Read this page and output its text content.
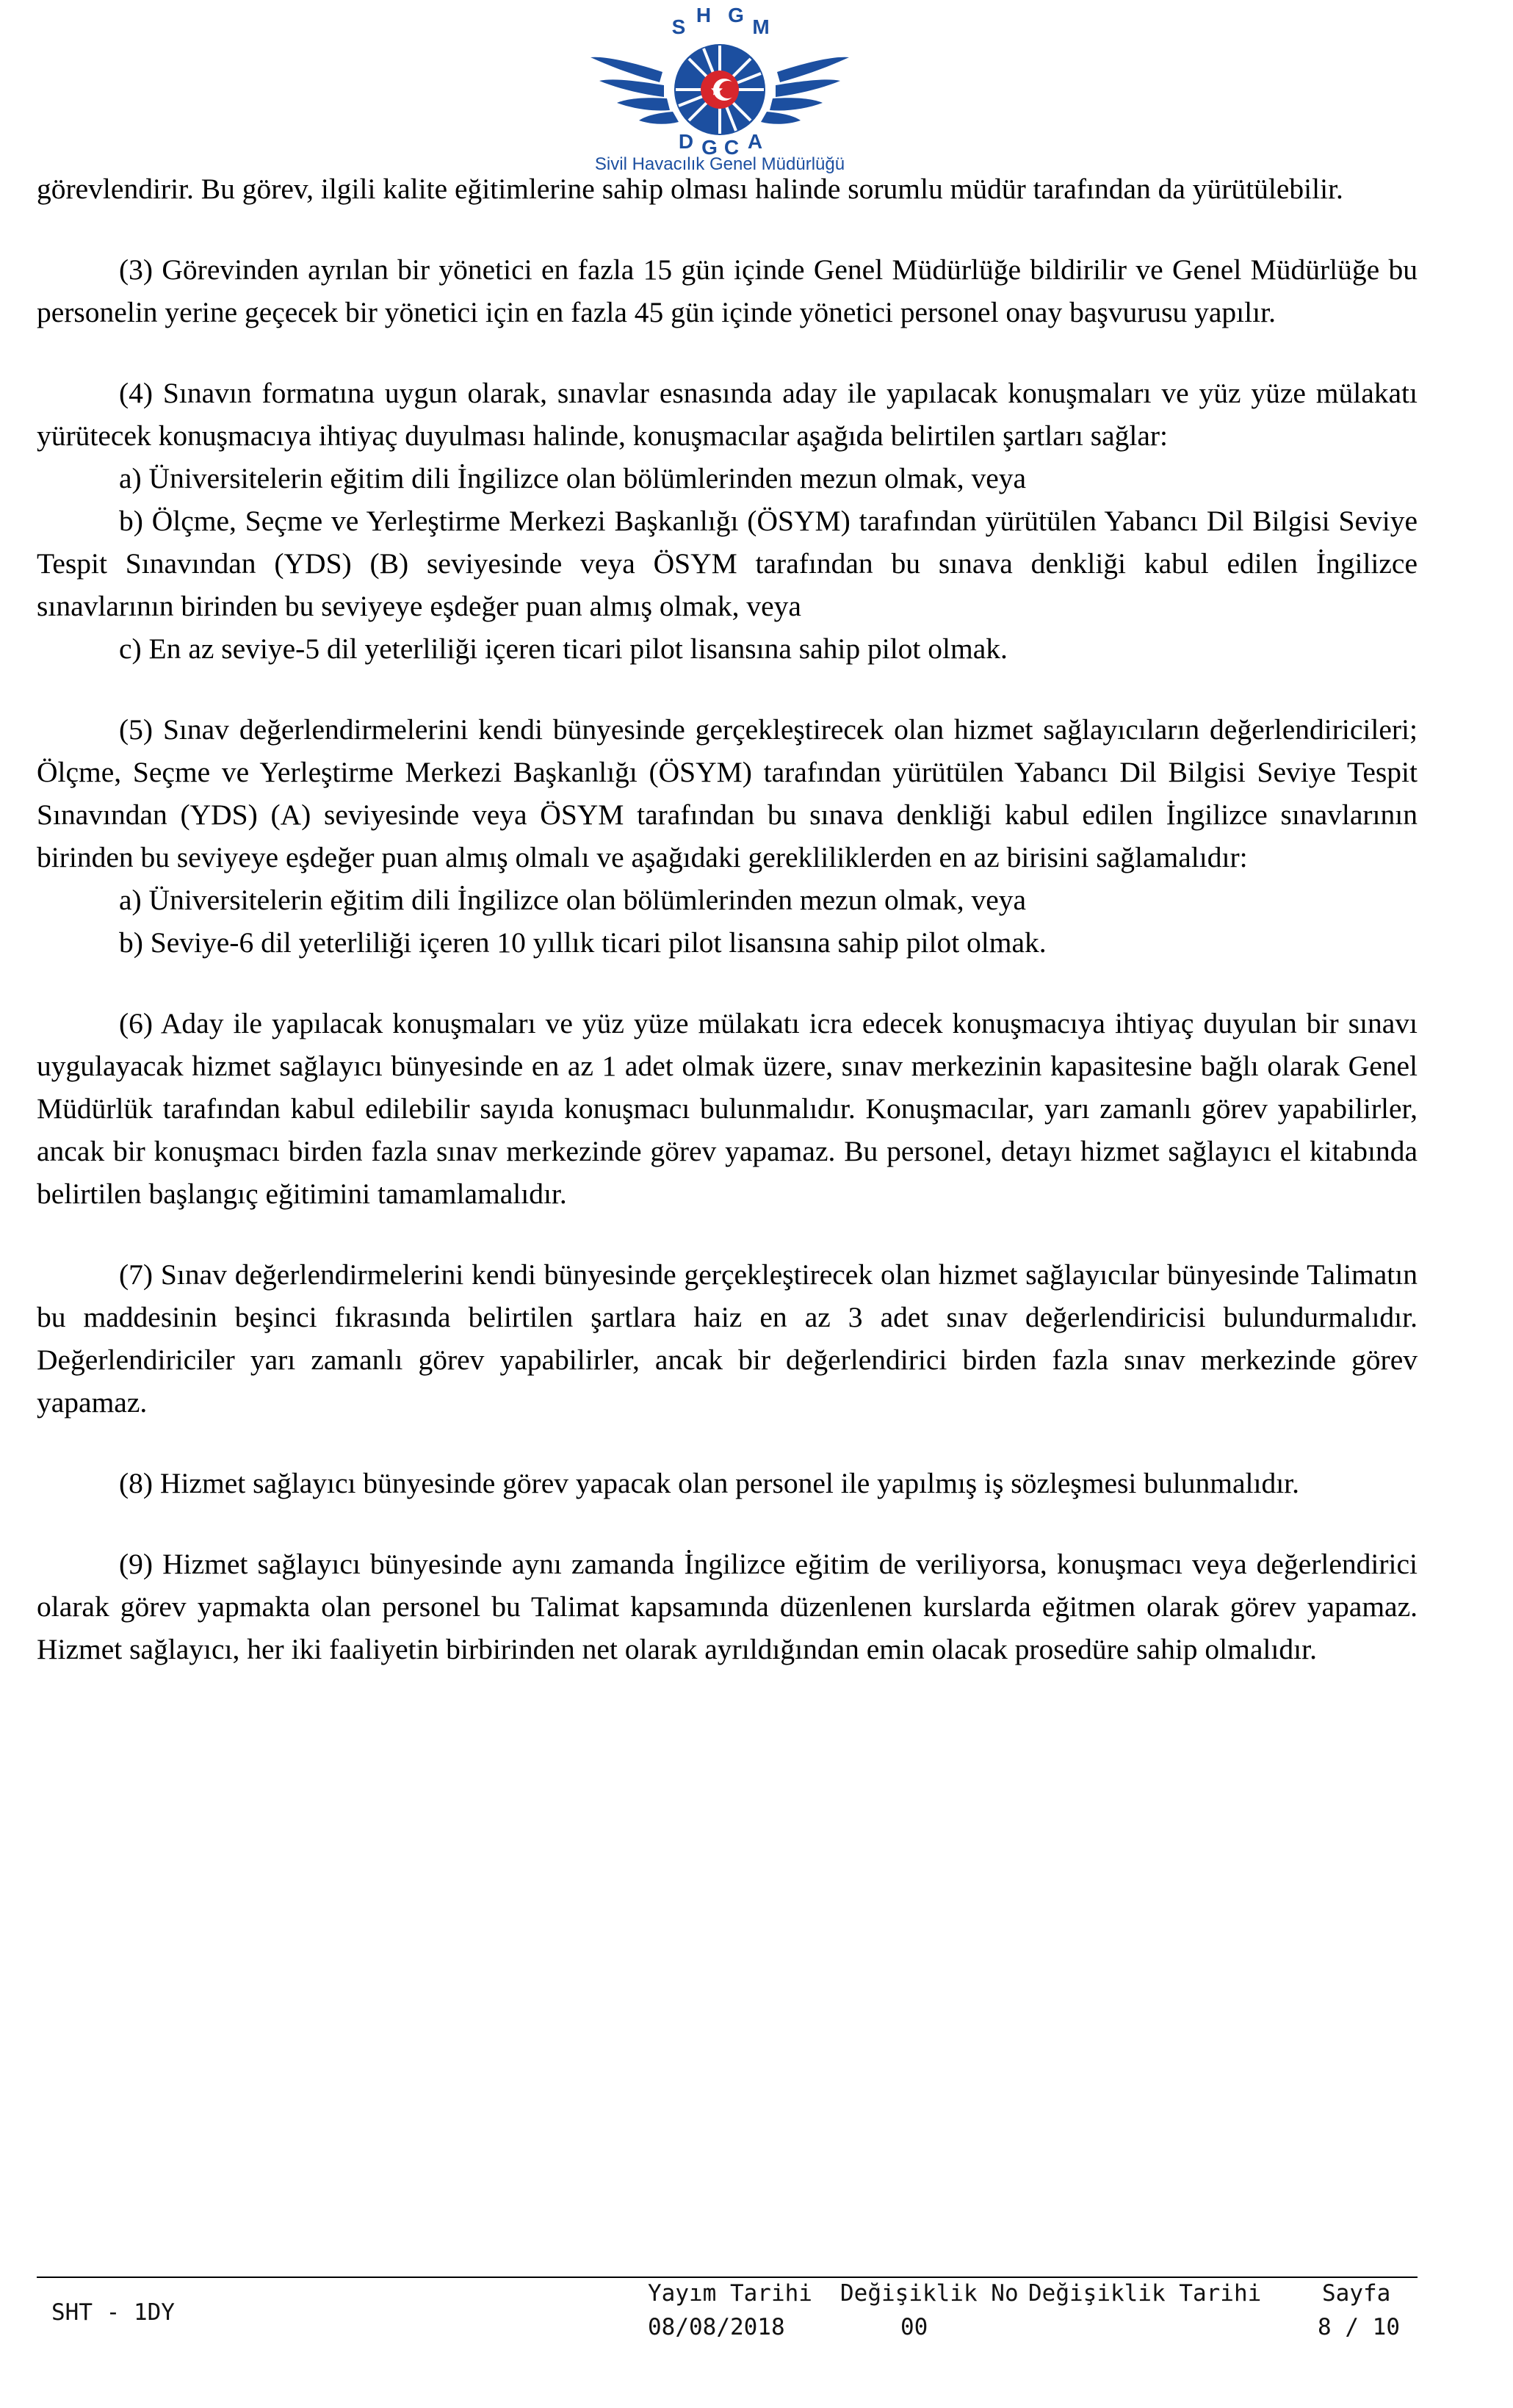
S
H G
M
D G C A
Sivil Havacılık Genel Müdürlüğü

görevlendirir. Bu görev, ilgili kalite eğitimlerine sahip olması halinde sorumlu müdür tarafından da yürütülebilir.

(3) Görevinden ayrılan bir yönetici en fazla 15 gün içinde Genel Müdürlüğe bildirilir ve Genel Müdürlüğe bu personelin yerine geçecek bir yönetici için en fazla 45 gün içinde yönetici personel onay başvurusu yapılır.

(4) Sınavın formatına uygun olarak, sınavlar esnasında aday ile yapılacak konuşmaları ve yüz yüze mülakatı yürütecek konuşmacıya ihtiyaç duyulması halinde, konuşmacılar aşağıda belirtilen şartları sağlar:

a) Üniversitelerin eğitim dili İngilizce olan bölümlerinden mezun olmak, veya

b) Ölçme, Seçme ve Yerleştirme Merkezi Başkanlığı (ÖSYM) tarafından yürütülen Yabancı Dil Bilgisi Seviye Tespit Sınavından (YDS) (B) seviyesinde veya ÖSYM tarafından bu sınava denkliği kabul edilen İngilizce sınavlarının birinden bu seviyeye eşdeğer puan almış olmak, veya

c) En az seviye-5 dil yeterliliği içeren ticari pilot lisansına sahip pilot olmak.

(5) Sınav değerlendirmelerini kendi bünyesinde gerçekleştirecek olan hizmet sağlayıcıların değerlendiricileri; Ölçme, Seçme ve Yerleştirme Merkezi Başkanlığı (ÖSYM) tarafından yürütülen Yabancı Dil Bilgisi Seviye Tespit Sınavından (YDS) (A) seviyesinde veya ÖSYM tarafından bu sınava denkliği kabul edilen İngilizce sınavlarının birinden bu seviyeye eşdeğer puan almış olmalı ve aşağıdaki gerekliliklerden en az birisini sağlamalıdır:

a) Üniversitelerin eğitim dili İngilizce olan bölümlerinden mezun olmak, veya

b) Seviye-6 dil yeterliliği içeren 10 yıllık ticari pilot lisansına sahip pilot olmak.

(6) Aday ile yapılacak konuşmaları ve yüz yüze mülakatı icra edecek konuşmacıya ihtiyaç duyulan bir sınavı uygulayacak hizmet sağlayıcı bünyesinde en az 1 adet olmak üzere, sınav merkezinin kapasitesine bağlı olarak Genel Müdürlük tarafından kabul edilebilir sayıda konuşmacı bulunmalıdır. Konuşmacılar, yarı zamanlı görev yapabilirler, ancak bir konuşmacı birden fazla sınav merkezinde görev yapamaz. Bu personel, detayı hizmet sağlayıcı el kitabında belirtilen başlangıç eğitimini tamamlamalıdır.

(7) Sınav değerlendirmelerini kendi bünyesinde gerçekleştirecek olan hizmet sağlayıcılar bünyesinde Talimatın bu maddesinin beşinci fıkrasında belirtilen şartlara haiz en az 3 adet sınav değerlendiricisi bulundurmalıdır. Değerlendiriciler yarı zamanlı görev yapabilirler, ancak bir değerlendirici birden fazla sınav merkezinde görev yapamaz.

(8) Hizmet sağlayıcı bünyesinde görev yapacak olan personel ile yapılmış iş sözleşmesi bulunmalıdır.

(9) Hizmet sağlayıcı bünyesinde aynı zamanda İngilizce eğitim de veriliyorsa, konuşmacı veya değerlendirici olarak görev yapmakta olan personel bu Talimat kapsamında düzenlenen kurslarda eğitmen olarak görev yapamaz. Hizmet sağlayıcı, her iki faaliyetin birbirinden net olarak ayrıldığından emin olacak prosedüre sahip olmalıdır.

SHT - 1DY
Yayım Tarihi
08/08/2018
Değişiklik No
00
Değişiklik Tarihi	Sayfa
8 / 10
